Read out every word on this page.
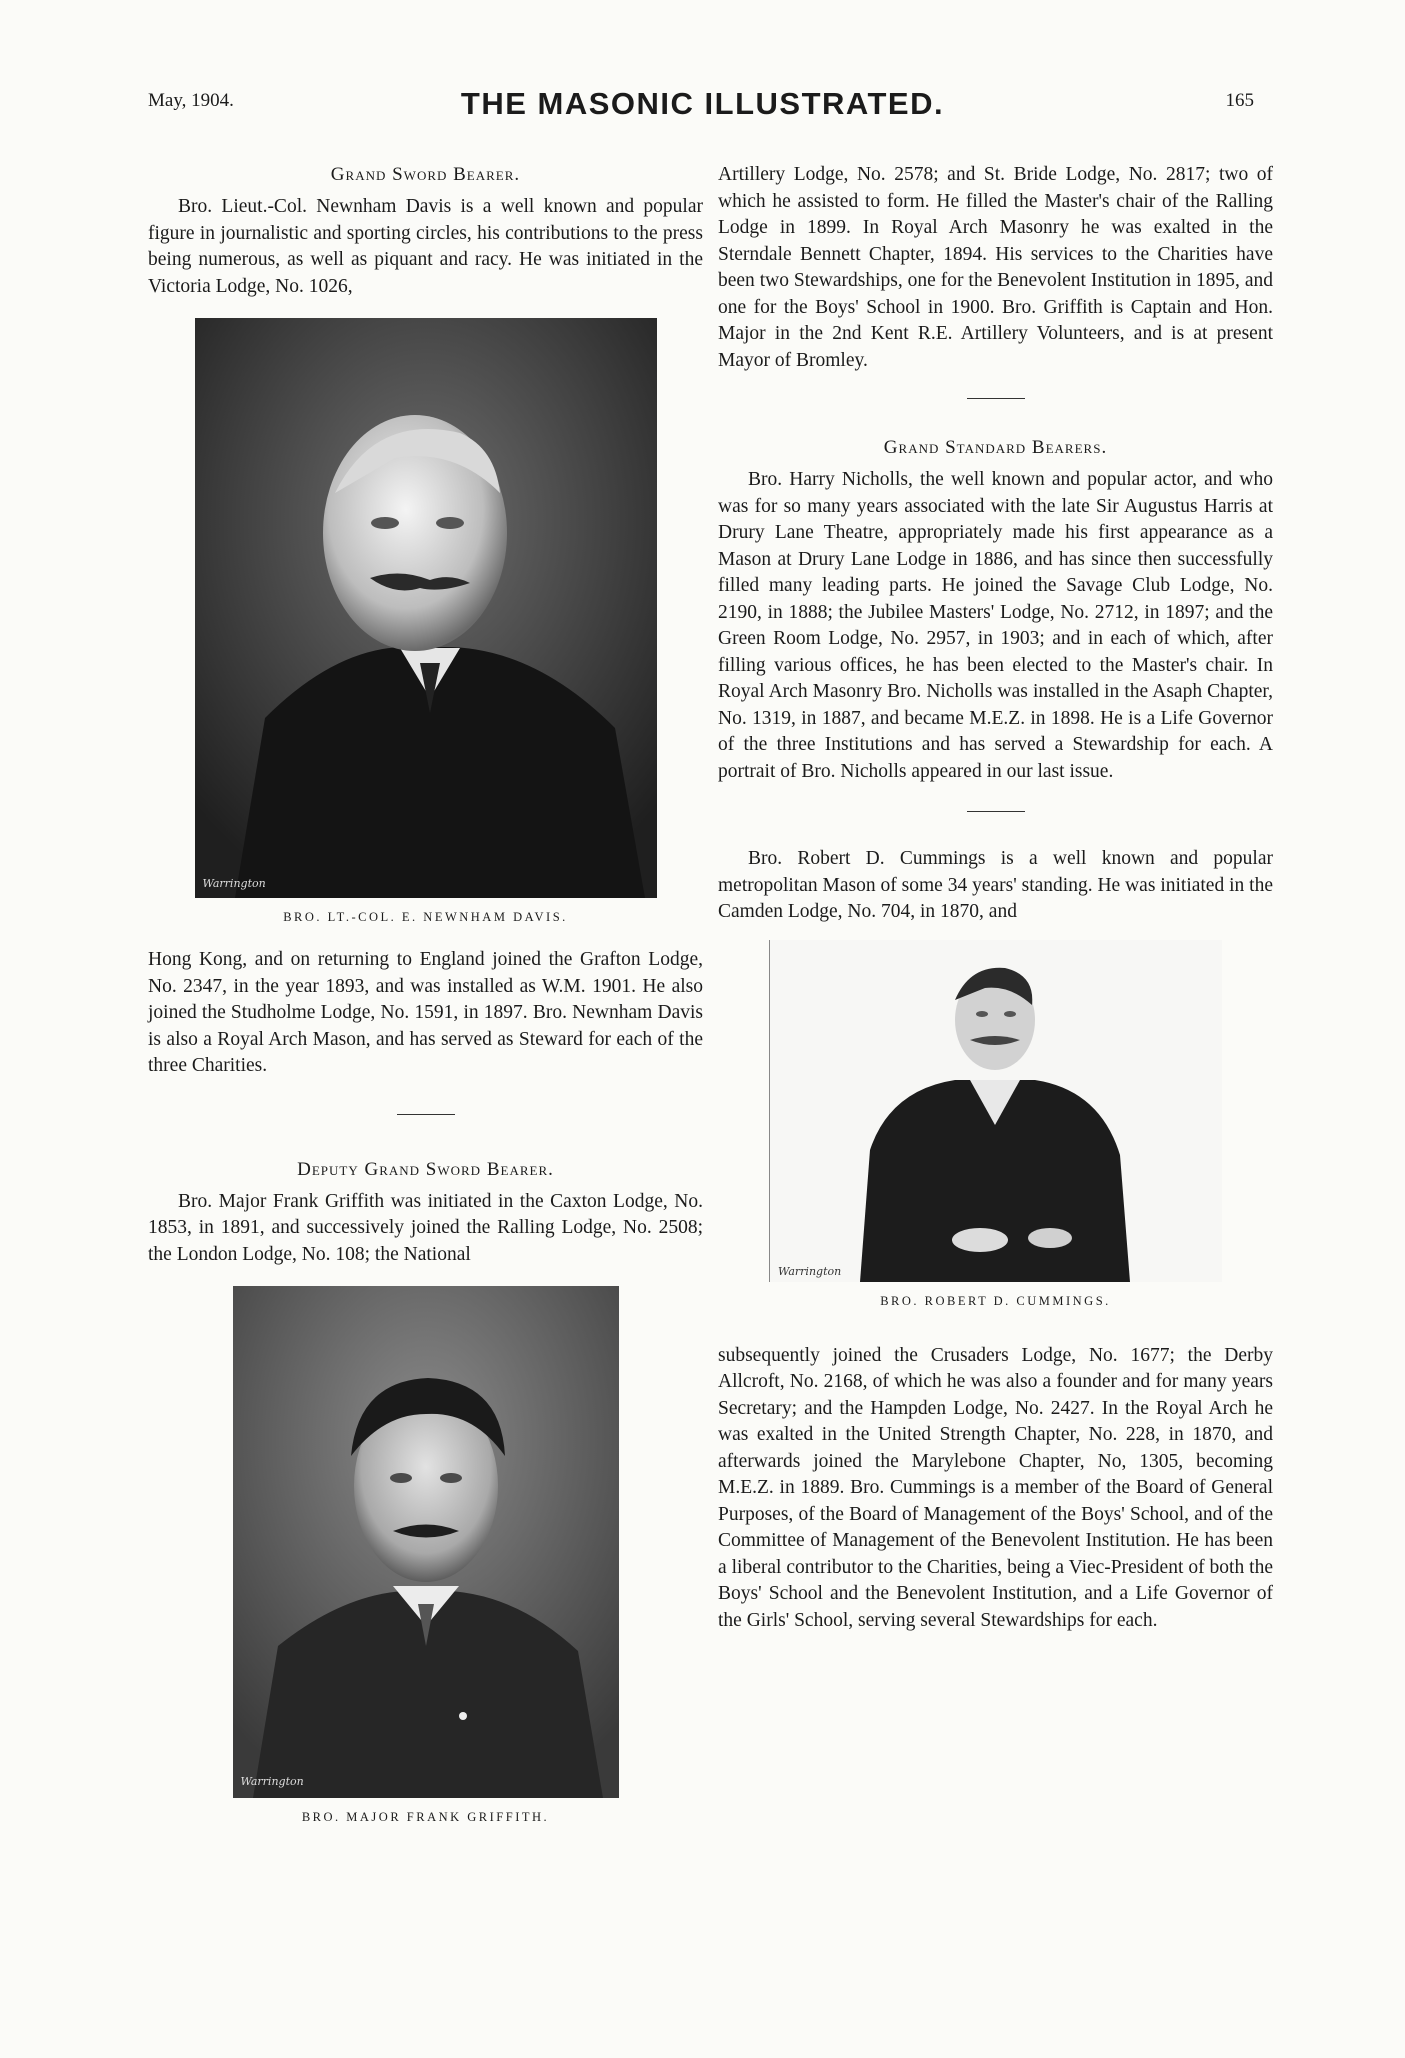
May, 1904.	THE MASONIC ILLUSTRATED.	165
Grand Sword Bearer.

Bro. Lieut.-Col. Newnham Davis is a well known and popular figure in journalistic and sporting circles, his contributions to the press being numerous, as well as piquant and racy. He was initiated in the Victoria Lodge, No. 1026,

Warrington
BRO. LT.-COL. E. NEWNHAM DAVIS.

Hong Kong, and on returning to England joined the Grafton Lodge, No. 2347, in the year 1893, and was installed as W.M. 1901. He also joined the Studholme Lodge, No. 1591, in 1897. Bro. Newnham Davis is also a Royal Arch Mason, and has served as Steward for each of the three Charities.

Deputy Grand Sword Bearer.

Bro. Major Frank Griffith was initiated in the Caxton Lodge, No. 1853, in 1891, and successively joined the Ralling Lodge, No. 2508; the London Lodge, No. 108; the National

Warrington
BRO. MAJOR FRANK GRIFFITH.

Artillery Lodge, No. 2578; and St. Bride Lodge, No. 2817; two of which he assisted to form. He filled the Master's chair of the Ralling Lodge in 1899. In Royal Arch Masonry he was exalted in the Sterndale Bennett Chapter, 1894. His services to the Charities have been two Stewardships, one for the Benevolent Institution in 1895, and one for the Boys' School in 1900. Bro. Griffith is Captain and Hon. Major in the 2nd Kent R.E. Artillery Volunteers, and is at present Mayor of Bromley.

Grand Standard Bearers.

Bro. Harry Nicholls, the well known and popular actor, and who was for so many years associated with the late Sir Augustus Harris at Drury Lane Theatre, appropriately made his first appearance as a Mason at Drury Lane Lodge in 1886, and has since then successfully filled many leading parts. He joined the Savage Club Lodge, No. 2190, in 1888; the Jubilee Masters' Lodge, No. 2712, in 1897; and the Green Room Lodge, No. 2957, in 1903; and in each of which, after filling various offices, he has been elected to the Master's chair. In Royal Arch Masonry Bro. Nicholls was installed in the Asaph Chapter, No. 1319, in 1887, and became M.E.Z. in 1898. He is a Life Governor of the three Institutions and has served a Stewardship for each. A portrait of Bro. Nicholls appeared in our last issue.

Bro. Robert D. Cummings is a well known and popular metropolitan Mason of some 34 years' standing. He was initiated in the Camden Lodge, No. 704, in 1870, and

Warrington
BRO. ROBERT D. CUMMINGS.

subsequently joined the Crusaders Lodge, No. 1677; the Derby Allcroft, No. 2168, of which he was also a founder and for many years Secretary; and the Hampden Lodge, No. 2427. In the Royal Arch he was exalted in the United Strength Chapter, No. 228, in 1870, and afterwards joined the Marylebone Chapter, No, 1305, becoming M.E.Z. in 1889. Bro. Cummings is a member of the Board of General Purposes, of the Board of Management of the Boys' School, and of the Committee of Management of the Benevolent Institution. He has been a liberal contributor to the Charities, being a Viec-President of both the Boys' School and the Benevolent Institution, and a Life Governor of the Girls' School, serving several Stewardships for each.
